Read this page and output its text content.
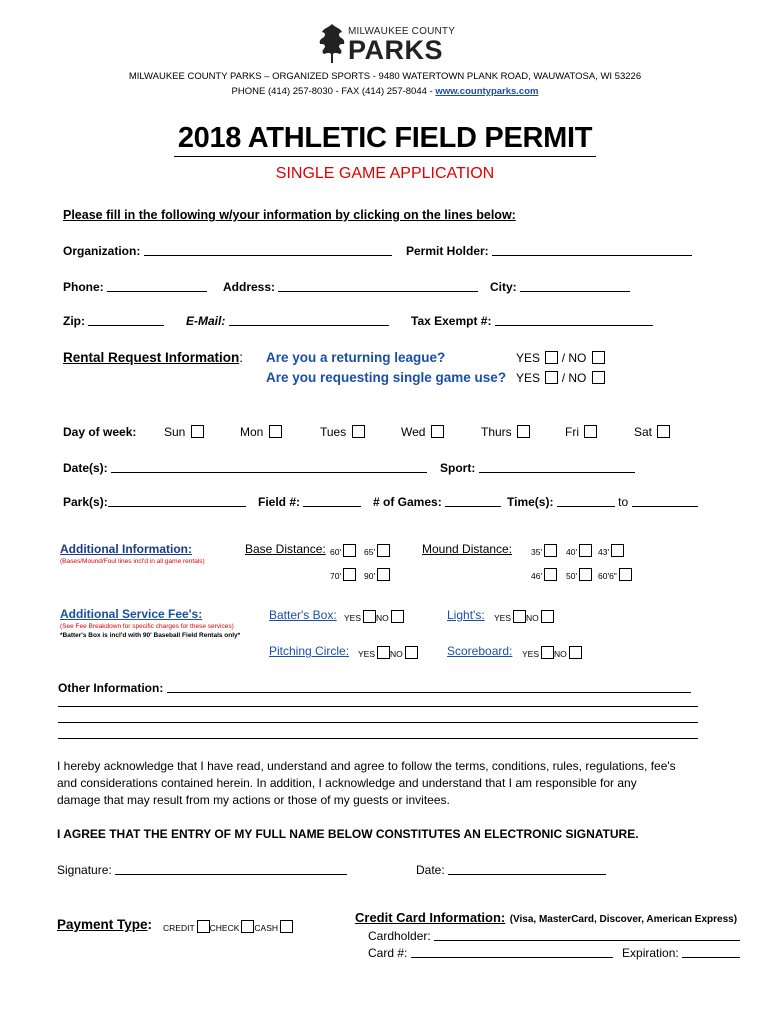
MILWAUKEE COUNTY
PARKS
MILWAUKEE COUNTY PARKS – ORGANIZED SPORTS - 9480 WATERTOWN PLANK ROAD, WAUWATOSA, WI 53226
PHONE (414) 257-8030 - FAX (414) 257-8044 - www.countyparks.com
2018 ATHLETIC FIELD PERMIT
SINGLE GAME APPLICATION
Please fill in the following w/your information by clicking on the lines below:
Organization:	Permit Holder:
Phone:	Address:	City:
Zip:	E-Mail:	Tax Exempt #:
Rental Request Information: Are you a returning league?
Are you requesting single game use?
YES / NO
YES / NO
Day of week: Sun	Mon	Tues	Wed	Thurs	Fri	Sat
Date(s):	Sport:
Park(s):	Field #:	# of Games:	Time(s):	to
Additional Information:
(Bases/Mound/Foul lines incl'd in all game rentals)
Base Distance: 60'	65'
70'	90'
Mound Distance: 35'	40'	43'
46'	50'	60'6"
Additional Service Fee's:
(See Fee Breakdown for specific charges for these services)
*Batter's Box is incl'd with 90' Baseball Field Rentals only*
Batter's Box: YES NO	Light's: YES NO
Pitching Circle: YES NO	Scoreboard: YES NO
Other Information:
I hereby acknowledge that I have read, understand and agree to follow the terms, conditions, rules, regulations, fee's
and considerations contained herein. In addition, I acknowledge and understand that I am responsible for any
damage that may result from my actions or those of my guests or invitees.
I AGREE THAT THE ENTRY OF MY FULL NAME BELOW CONSTITUTES AN ELECTRONIC SIGNATURE.
Signature:	Date:
Payment Type: CREDIT CHECK CASH
Credit Card Information: (Visa, MasterCard, Discover, American Express)
Cardholder:
Card #:	Expiration:
